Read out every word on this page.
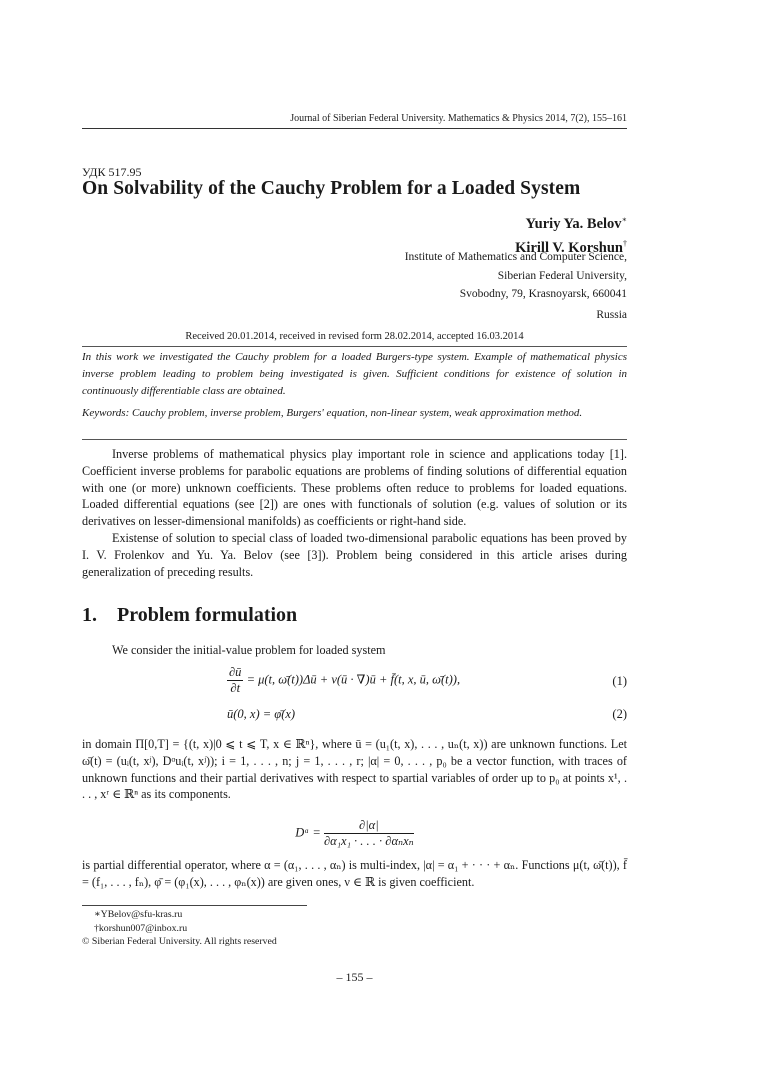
Journal of Siberian Federal University. Mathematics & Physics 2014, 7(2), 155–161
УДК 517.95
On Solvability of the Cauchy Problem for a Loaded System
Yuriy Ya. Belov∗
Kirill V. Korshun†
Institute of Mathematics and Computer Science,
Siberian Federal University,
Svobodny, 79, Krasnoyarsk, 660041
Russia
Received 20.01.2014, received in revised form 28.02.2014, accepted 16.03.2014
In this work we investigated the Cauchy problem for a loaded Burgers-type system. Example of mathematical physics inverse problem leading to problem being investigated is given. Sufficient conditions for existence of solution in continuously differentiable class are obtained.
Keywords: Cauchy problem, inverse problem, Burgers' equation, non-linear system, weak approximation method.

Inverse problems of mathematical physics play important role in science and applications today [1]. Coefficient inverse problems for parabolic equations are problems of finding solutions of differential equation with one (or more) unknown coefficients. These problems often reduce to problems for loaded equations. Loaded differential equations (see [2]) are ones with functionals of solution (e.g. values of solution or its derivatives on lesser-dimensional manifolds) as coefficients or right-hand side.

Existense of solution to special class of loaded two-dimensional parabolic equations has been proved by I. V. Frolenkov and Yu. Ya. Belov (see [3]). Problem being considered in this article arises during generalization of preceding results.

1. Problem formulation
We consider the initial-value problem for loaded system
$\frac{\partial ū}{\partial t} = \mu(t$, ω̄(t))Δū + ν(ū · ∇)ū + f̄(t, x, ū, ω̄(t)),	(1)
ū(0, x) = φ̄(x)	(2)
in domain Π[0,T] = {(t, x)|0 ⩽ t ⩽ T, x ∈ ℝⁿ}, where ū = (u₁(t, x), . . . , uₙ(t, x)) are unknown functions. Let ω̄(t) = (uᵢ(t, xʲ), Dᵅuᵢ(t, xʲ)); i = 1, . . . , n; j = 1, . . . , r; |α| = 0, . . . , p₀ be a vector function, with traces of unknown functions and their partial derivatives with respect to spartial variables of order up to p₀ at points x¹, . . . , xʳ ∈ ℝⁿ as its components.
Dᵅ = $\frac{\partial|\alpha|}{\text{∂α₁x₁ · . . . · ∂αₙxₙ}}$
is partial differential operator, where α = (α₁, . . . , αₙ) is multi-index, |α| = α₁ + · · · + αₙ. Functions μ(t, ω̄(t)), f̄ = (f₁, . . . , fₙ), φ̄ = (φ₁(x), . . . , φₙ(x)) are given ones, ν ∈ ℝ is given coefficient.
∗YBelov@sfu-kras.ru
†korshun007@inbox.ru
© Siberian Federal University. All rights reserved
– 155 –
